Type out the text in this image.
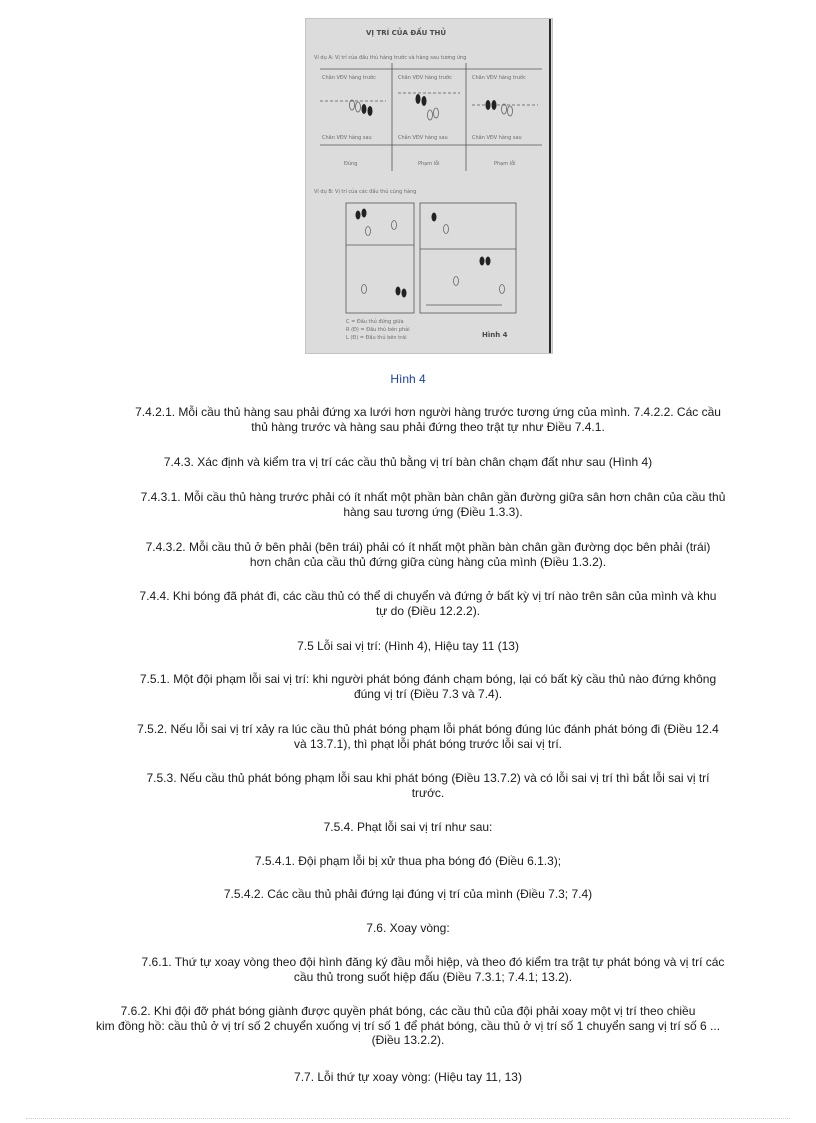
VỊ TRÍ CỦA ĐẤU THỦ
Ví dụ A: Vị trí của đấu thủ hàng trước và hàng sau tương ứng
Chân VĐV hàng trước	Chân VĐV hàng trước	Chân VĐV hàng trước
Chân VĐV hàng sau	Chân VĐV hàng sau	Chân VĐV hàng sau
Đúng	Phạm lỗi	Phạm lỗi
Ví dụ B: Vị trí của các đấu thủ cùng hàng
C = Đấu thủ đứng giữa
R (Đ) = Đấu thủ bên phải
L (Đ) = Đấu thủ bên trái	Hình 4
Hình 4
7.4.2.1. Mỗi cầu thủ hàng sau phải đứng xa lưới hơn người hàng trước tương ứng của mình. 7.4.2.2. Các cầu
thủ hàng trước và hàng sau phải đứng theo trật tự như Điều 7.4.1.
7.4.3. Xác định và kiểm tra vị trí các cầu thủ bằng vị trí bàn chân chạm đất như sau (Hình 4)
7.4.3.1. Mỗi cầu thủ hàng trước phải có ít nhất một phần bàn chân gần đường giữa sân hơn chân của cầu thủ
hàng sau tương ứng (Điều 1.3.3).
7.4.3.2. Mỗi cầu thủ ở bên phải (bên trái) phải có ít nhất một phần bàn chân gần đường dọc bên phải (trái)
hơn chân của cầu thủ đứng giữa cùng hàng của mình (Điều 1.3.2).
7.4.4. Khi bóng đã phát đi, các cầu thủ có thể di chuyển và đứng ở bất kỳ vị trí nào trên sân của mình và khu
tự do (Điều 12.2.2).
7.5 Lỗi sai vị trí: (Hình 4), Hiệu tay 11 (13)
7.5.1. Một đội phạm lỗi sai vị trí: khi người phát bóng đánh chạm bóng, lại có bất kỳ cầu thủ nào đứng không
đúng vị trí (Điều 7.3 và 7.4).
7.5.2. Nếu lỗi sai vị trí xảy ra lúc cầu thủ phát bóng phạm lỗi phát bóng đúng lúc đánh phát bóng đi (Điều 12.4
và 13.7.1), thì phạt lỗi phát bóng trước lỗi sai vị trí.
7.5.3. Nếu cầu thủ phát bóng phạm lỗi sau khi phát bóng (Điều 13.7.2) và có lỗi sai vị trí thì bắt lỗi sai vị trí
trước.
7.5.4. Phạt lỗi sai vị trí như sau:
7.5.4.1. Đội phạm lỗi bị xử thua pha bóng đó (Điều 6.1.3);
7.5.4.2. Các cầu thủ phải đứng lại đúng vị trí của mình (Điều 7.3; 7.4)
7.6. Xoay vòng:
7.6.1. Thứ tự xoay vòng theo đội hình đăng ký đầu mỗi hiệp, và theo đó kiểm tra trật tự phát bóng và vị trí các
cầu thủ trong suốt hiệp đấu (Điều 7.3.1; 7.4.1; 13.2).
7.6.2. Khi đội đỡ phát bóng giành được quyền phát bóng, các cầu thủ của đội phải xoay một vị trí theo chiều
kim đồng hồ: cầu thủ ở vị trí số 2 chuyển xuống vị trí số 1 để phát bóng, cầu thủ ở vị trí số 1 chuyển sang vị trí số 6 ...
(Điều 13.2.2).
7.7. Lỗi thứ tự xoay vòng: (Hiệu tay 11, 13)
